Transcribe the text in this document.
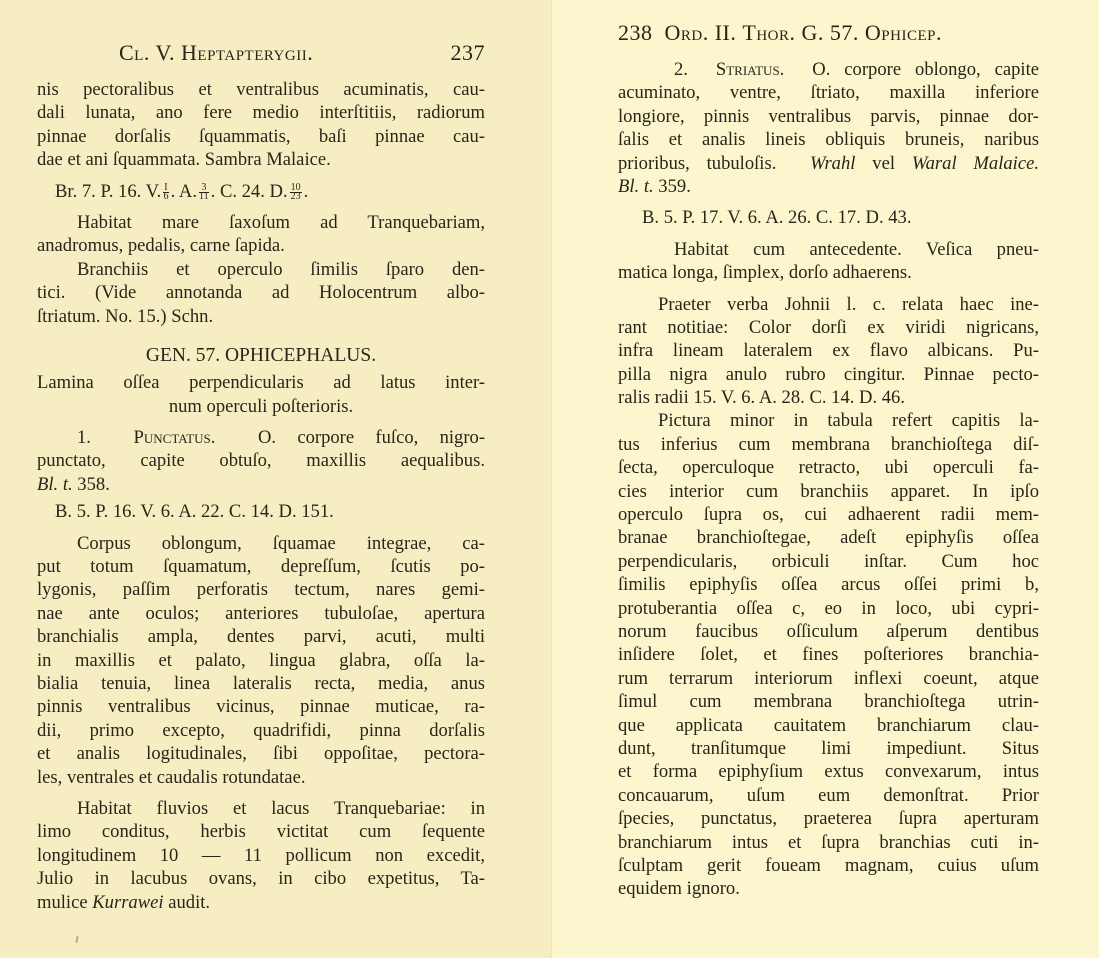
Cl. V. Heptapterygii.	237
nis pectoralibus et ventralibus acuminatis, cau-
dali lunata, ano fere medio interſtitiis, radiorum
pinnae dorſalis ſquammatis, baſi pinnae cau-
dae et ani ſquammata. Sambra Malaice.
Br. 7. P. 16. V. $\frac{I}{6}$ . A. $\frac{3}{11}$ . C. 24. D. $\frac{10}{23}$ .
Habitat mare ſaxoſum ad Tranquebariam,
anadromus, pedalis, carne ſapida.
Branchiis et operculo ſimilis ſparo den-
tici. (Vide annotanda ad Holocentrum albo-
ſtriatum. No. 15.) Schn.
GEN. 57. OPHICEPHALUS.
Lamina oſſea perpendicularis ad latus inter-
num operculi poſterioris.
1. Punctatus. O. corpore fuſco, nigro-
punctato, capite obtuſo, maxillis aequalibus.
Bl. t. 358.
B. 5. P. 16. V. 6. A. 22. C. 14. D. 151.
Corpus oblongum, ſquamae integrae, ca-
put totum ſquamatum, depreſſum, ſcutis po-
lygonis, paſſim perforatis tectum, nares gemi-
nae ante oculos; anteriores tubuloſae, apertura
branchialis ampla, dentes parvi, acuti, multi
in maxillis et palato, lingua glabra, oſſa la-
bialia tenuia, linea lateralis recta, media, anus
pinnis ventralibus vicinus, pinnae muticae, ra-
dii, primo excepto, quadrifidi, pinna dorſalis
et analis logitudinales, ſibi oppoſitae, pectora-
les, ventrales et caudalis rotundatae.
Habitat fluvios et lacus Tranquebariae: in
limo conditus, herbis victitat cum ſequente
longitudinem 10 — 11 pollicum non excedit,
Julio in lacubus ovans, in cibo expetitus, Ta-
mulice Kurrawei audit.
238 Ord. II. Thor. G. 57. Ophicep.
2. Striatus. O. corpore oblongo, capite
acuminato, ventre, ſtriato, maxilla inferiore
longiore, pinnis ventralibus parvis, pinnae dor-
ſalis et analis lineis obliquis bruneis, naribus
prioribus, tubuloſis. Wrahl vel Waral Malaice.
Bl. t. 359.
B. 5. P. 17. V. 6. A. 26. C. 17. D. 43.
Habitat cum antecedente. Veſica pneu-
matica longa, ſimplex, dorſo adhaerens.
Praeter verba Johnii l. c. relata haec ine-
rant notitiae: Color dorſi ex viridi nigricans,
infra lineam lateralem ex flavo albicans. Pu-
pilla nigra anulo rubro cingitur. Pinnae pecto-
ralis radii 15. V. 6. A. 28. C. 14. D. 46.
Pictura minor in tabula refert capitis la-
tus inferius cum membrana branchioſtega diſ-
ſecta, operculoque retracto, ubi operculi fa-
cies interior cum branchiis apparet. In ipſo
operculo ſupra os, cui adhaerent radii mem-
branae branchioſtegae, adeſt epiphyſis oſſea
perpendicularis, orbiculi inſtar. Cum hoc
ſimilis epiphyſis oſſea arcus oſſei primi b,
protuberantia oſſea c, eo in loco, ubi cypri-
norum faucibus oſſiculum aſperum dentibus
inſidere ſolet, et fines poſteriores branchia-
rum terrarum interiorum inflexi coeunt, atque
ſimul cum membrana branchioſtega utrin-
que applicata cauitatem branchiarum clau-
dunt, tranſitumque limi impediunt. Situs
et forma epiphyſium extus convexarum, intus
concauarum, uſum eum demonſtrat. Prior
ſpecies, punctatus, praeterea ſupra aperturam
branchiarum intus et ſupra branchias cuti in-
ſculptam gerit foueam magnam, cuius uſum
equidem ignoro.
